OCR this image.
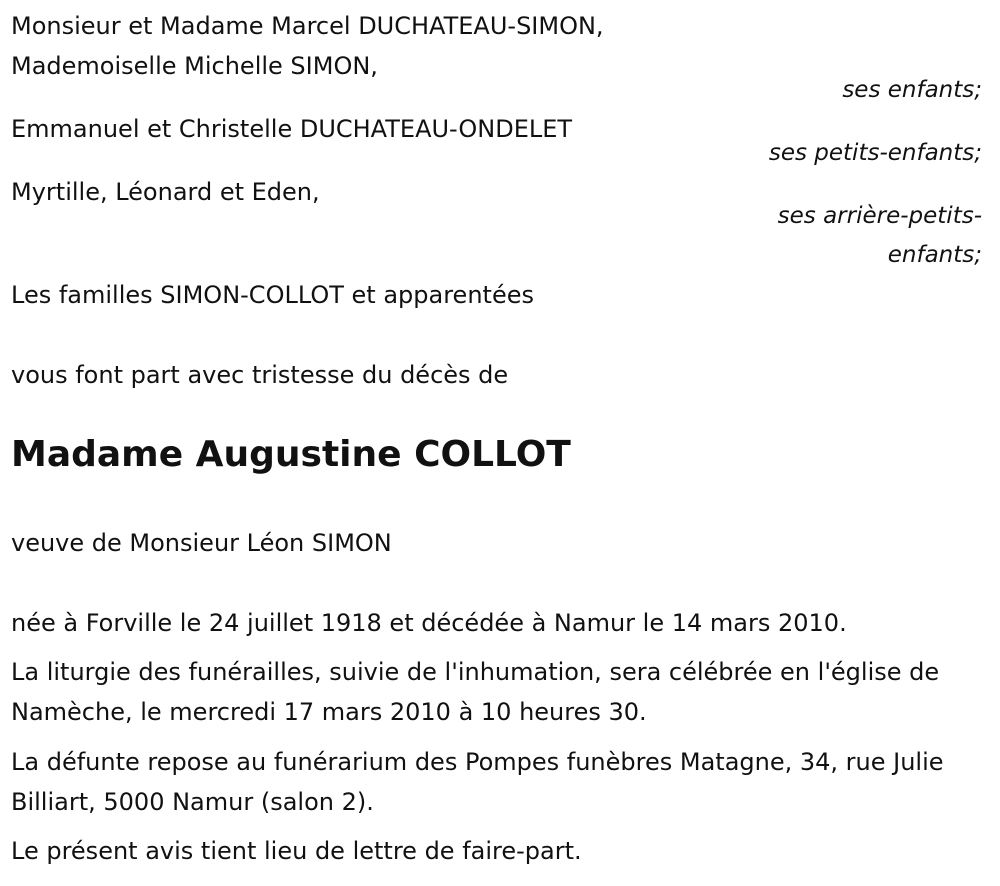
Monsieur et Madame Marcel DUCHATEAU-SIMON,
Mademoiselle Michelle SIMON,
ses enfants;
Emmanuel et Christelle DUCHATEAU-ONDELET
ses petits-enfants;
Myrtille, Léonard et Eden,
ses arrière-petits-
enfants;
Les familles SIMON-COLLOT et apparentées
vous font part avec tristesse du décès de
Madame Augustine COLLOT
veuve de Monsieur Léon SIMON
née à Forville le 24 juillet 1918 et décédée à Namur le 14 mars 2010.
La liturgie des funérailles, suivie de l'inhumation, sera célébrée en l'église de Namèche, le mercredi 17 mars 2010 à 10 heures 30.
La défunte repose au funérarium des Pompes funèbres Matagne, 34, rue Julie Billiart, 5000 Namur (salon 2).
Le présent avis tient lieu de lettre de faire-part.
